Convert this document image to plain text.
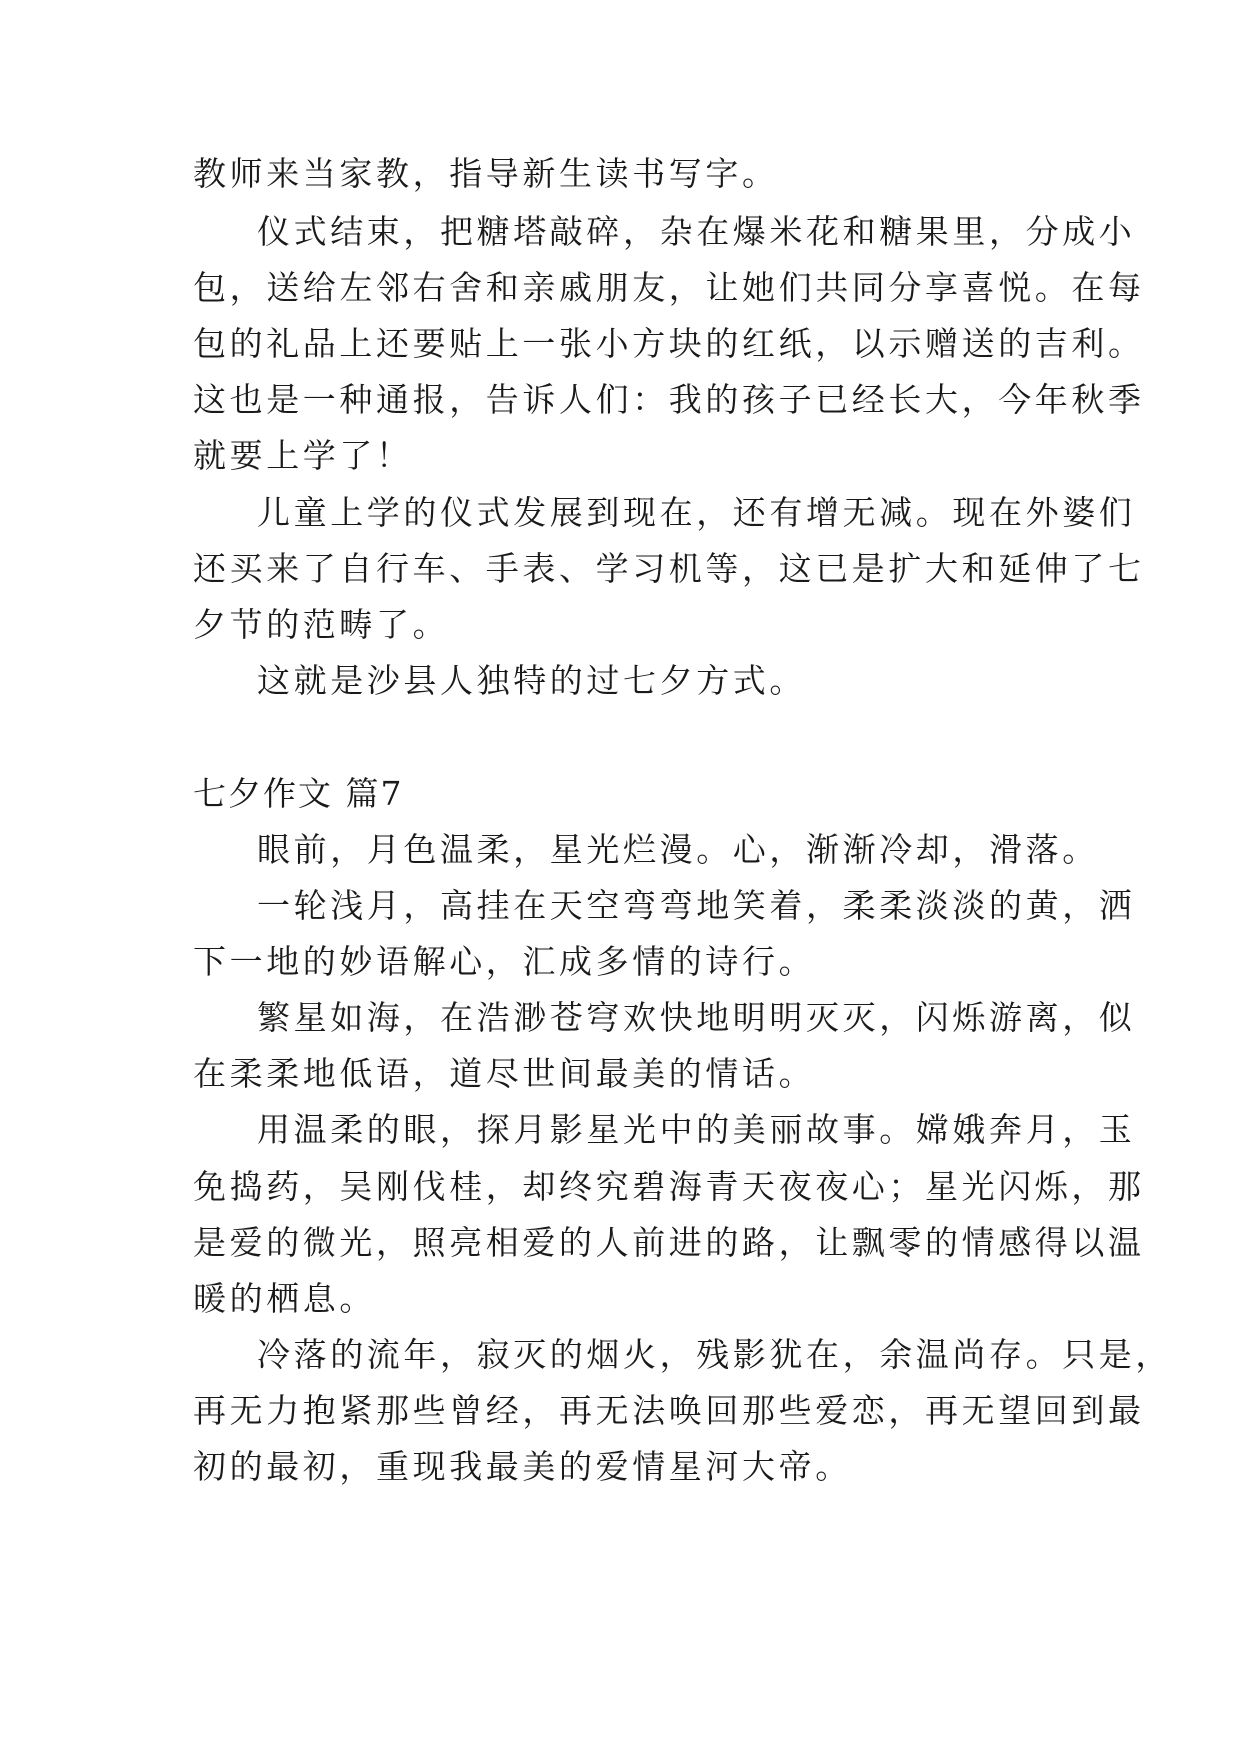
教师来当家教，指导新生读书写字。
仪式结束，把糖塔敲碎，杂在爆米花和糖果里，分成小
包，送给左邻右舍和亲戚朋友，让她们共同分享喜悦。在每
包的礼品上还要贴上一张小方块的红纸，以示赠送的吉利。
这也是一种通报，告诉人们：我的孩子已经长大，今年秋季
就要上学了！
儿童上学的仪式发展到现在，还有增无减。现在外婆们
还买来了自行车、手表、学习机等，这已是扩大和延伸了七
夕节的范畴了。
这就是沙县人独特的过七夕方式。
七夕作文 篇7
眼前，月色温柔，星光烂漫。心，渐渐冷却，滑落。
一轮浅月，高挂在天空弯弯地笑着，柔柔淡淡的黄，洒
下一地的妙语解心，汇成多情的诗行。
繁星如海，在浩渺苍穹欢快地明明灭灭，闪烁游离，似
在柔柔地低语，道尽世间最美的情话。
用温柔的眼，探月影星光中的美丽故事。嫦娥奔月，玉
免捣药，吴刚伐桂，却终究碧海青天夜夜心；星光闪烁，那
是爱的微光，照亮相爱的人前进的路，让飘零的情感得以温
暖的栖息。
冷落的流年，寂灭的烟火，残影犹在，余温尚存。只是，
再无力抱紧那些曾经，再无法唤回那些爱恋，再无望回到最
初的最初，重现我最美的爱情星河大帝。
